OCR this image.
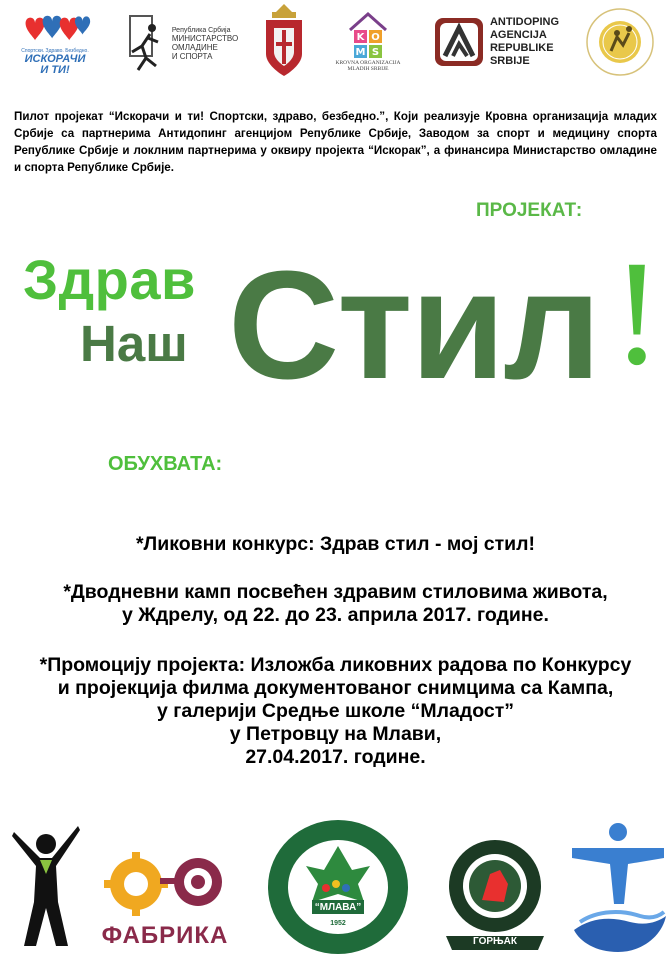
Спортски. Здраво. Безбедно.
ИСКОРАЧИ
И ТИ!
Република Србија
МИНИСТАРСТВО
ОМЛАДИНЕ
И СПОРТА
K O
M S
KROVNA ORGANIZACIJA
MLADIH SRBIJE
ANTIDOPING
AGENCIJA
REPUBLIKE
SRBIJE
Пилот пројекат “Искорачи и ти! Спортски, здраво, безбедно.”, Који реализује Кровна организација младих Србије са партнерима Антидопинг агенцијом Републике Србије, Заводом за спорт и медицину спорта Републике Србије и локлним партнерима у оквиру пројекта “Искорак”, а финансира Министарство омладине и спорта Републике Србије.
ПРОЈЕКАТ:
Здрав
Наш Стил !
ОБУХВАТА:
*Ликовни конкурс: Здрав стил - мој стил!
*Дводневни камп посвећен здравим стиловима живота,
у Ждрелу, од 22. до 23. априла 2017. године.
*Промоцију пројекта: Изложба ликовних радова по Конкурсу
и пројекција филма документованог снимцима са Кампа,
у галерији Средње школе “Младост”
у Петровцу на Млави,
27.04.2017. године.
ФАБРИКА
“МЛАВА”
1952
ГОРЊАК
